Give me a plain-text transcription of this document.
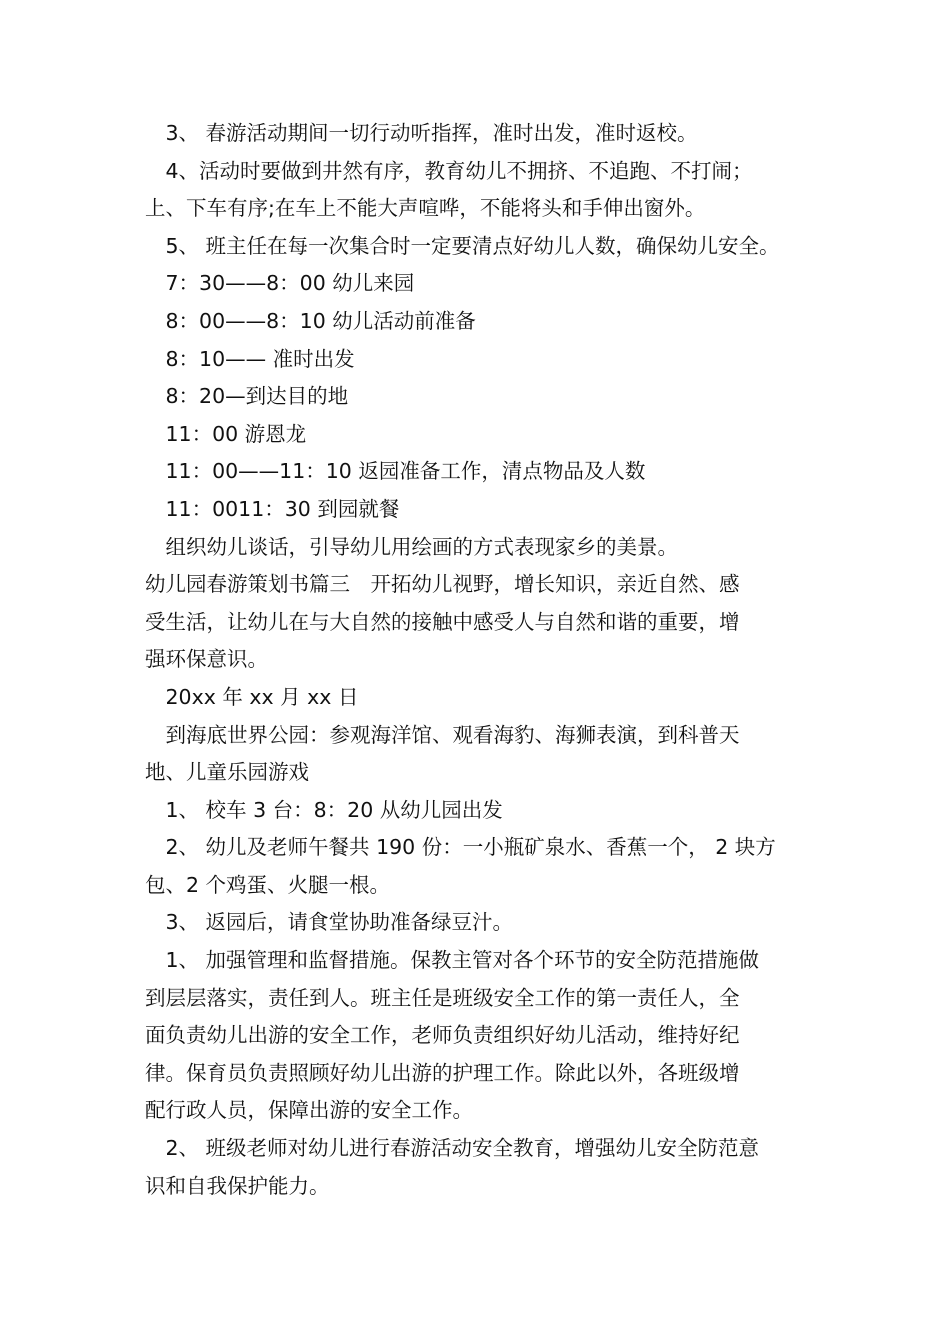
　3、 春游活动期间一切行动听指挥，准时出发，准时返校。
　4、活动时要做到井然有序，教育幼儿不拥挤、不追跑、不打闹；
上、下车有序;在车上不能大声喧哗，不能将头和手伸出窗外。
　5、 班主任在每一次集合时一定要清点好幼儿人数，确保幼儿安全。
　7：30——8：00 幼儿来园
　8：00——8：10 幼儿活动前准备
　8：10—— 准时出发
　8：20—到达目的地
　11：00 游恩龙
　11：00——11：10 返园准备工作，清点物品及人数
　11：0011：30 到园就餐
　组织幼儿谈话，引导幼儿用绘画的方式表现家乡的美景。
幼儿园春游策划书篇三　开拓幼儿视野，增长知识，亲近自然、感
受生活，让幼儿在与大自然的接触中感受人与自然和谐的重要，增
强环保意识。
　20xx 年 xx 月 xx 日
　到海底世界公园：参观海洋馆、观看海豹、海狮表演，到科普天
地、儿童乐园游戏
　1、 校车 3 台：8：20 从幼儿园出发
　2、 幼儿及老师午餐共 190 份：一小瓶矿泉水、香蕉一个， 2 块方
包、2 个鸡蛋、火腿一根。
　3、 返园后，请食堂协助准备绿豆汁。
　1、 加强管理和监督措施。保教主管对各个环节的安全防范措施做
到层层落实，责任到人。班主任是班级安全工作的第一责任人，全
面负责幼儿出游的安全工作，老师负责组织好幼儿活动，维持好纪
律。保育员负责照顾好幼儿出游的护理工作。除此以外，各班级增
配行政人员，保障出游的安全工作。
　2、 班级老师对幼儿进行春游活动安全教育，增强幼儿安全防范意
识和自我保护能力。
